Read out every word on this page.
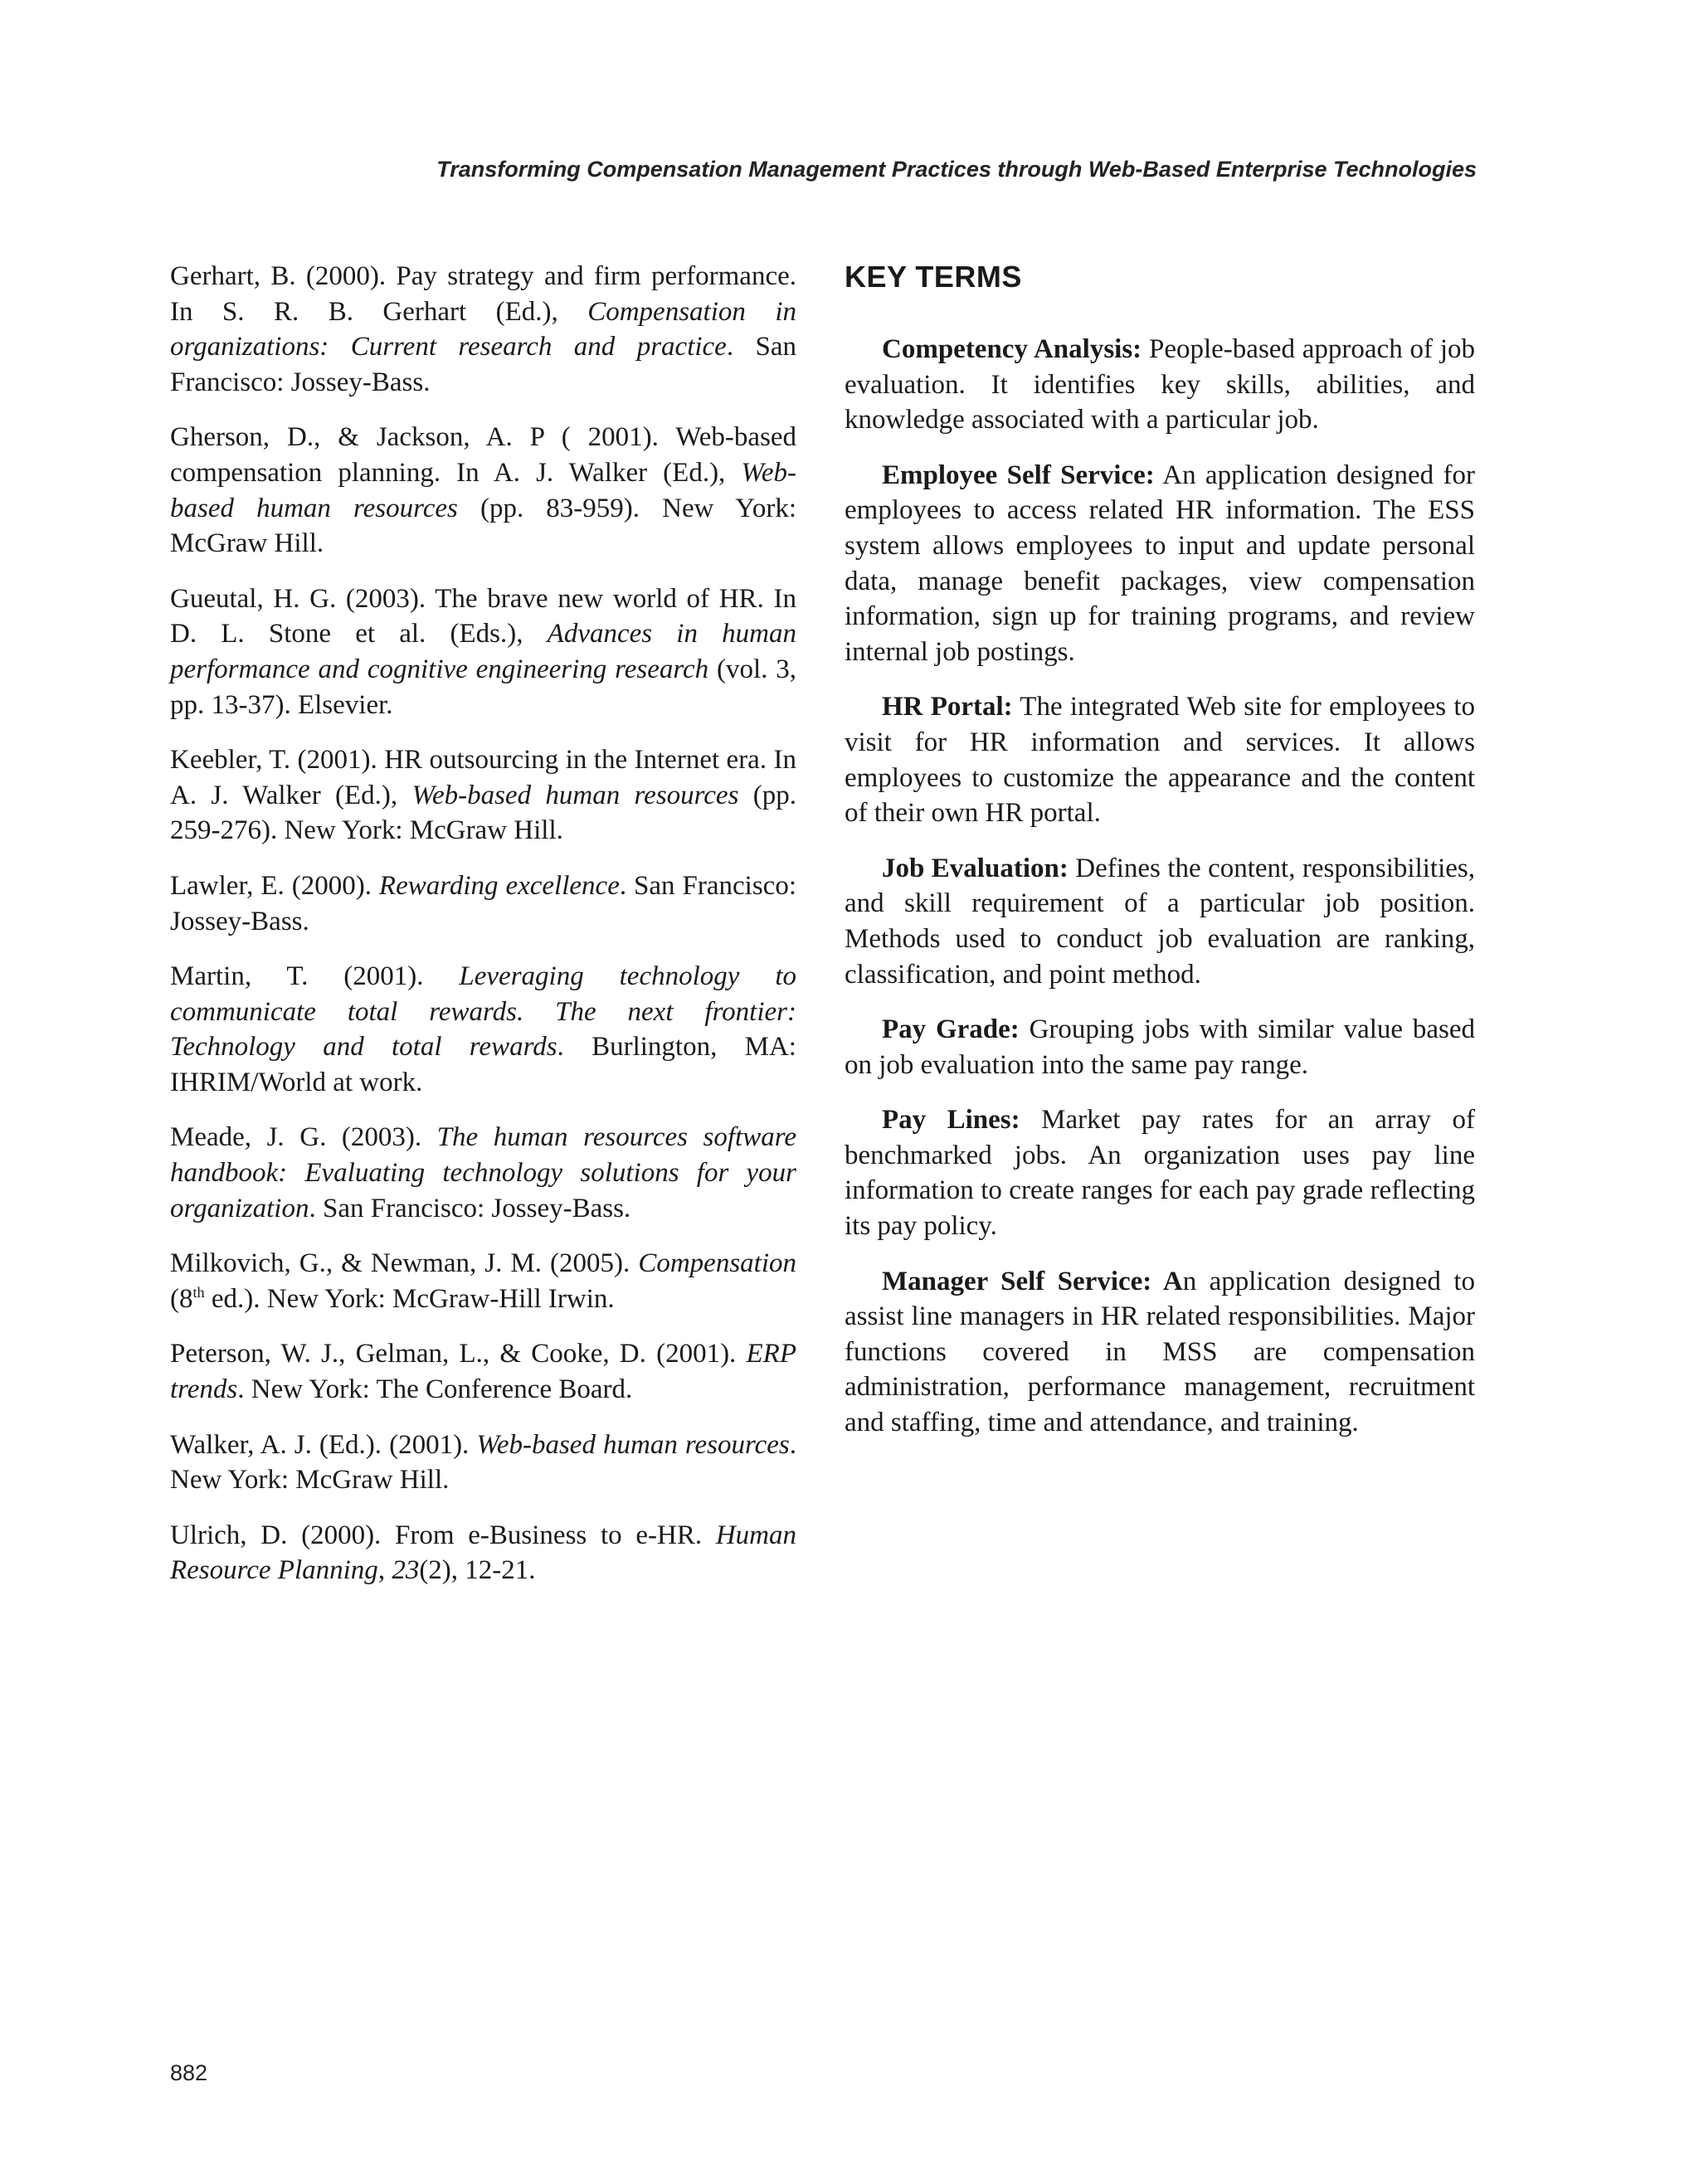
Transforming Compensation Management Practices through Web-Based Enterprise Technologies

Gerhart, B. (2000). Pay strategy and firm performance. In S. R. B. Gerhart (Ed.), Compensation in organizations: Current research and practice. San Francisco: Jossey-Bass.

Gherson, D., & Jackson, A. P ( 2001). Web-based compensation planning. In A. J. Walker (Ed.), Web-based human resources (pp. 83-959). New York: McGraw Hill.

Gueutal, H. G. (2003). The brave new world of HR. In D. L. Stone et al. (Eds.), Advances in human performance and cognitive engineering research (vol. 3, pp. 13-37). Elsevier.

Keebler, T. (2001). HR outsourcing in the Internet era. In A. J. Walker (Ed.), Web-based human resources (pp. 259-276). New York: McGraw Hill.

Lawler, E. (2000). Rewarding excellence. San Francisco: Jossey-Bass.

Martin, T. (2001). Leveraging technology to communicate total rewards. The next frontier: Technology and total rewards. Burlington, MA: IHRIM/World at work.

Meade, J. G. (2003). The human resources software handbook: Evaluating technology solutions for your organization. San Francisco: Jossey-Bass.

Milkovich, G., & Newman, J. M. (2005). Compensation (8th ed.). New York: McGraw-Hill Irwin.

Peterson, W. J., Gelman, L., & Cooke, D. (2001). ERP trends. New York: The Conference Board.

Walker, A. J. (Ed.). (2001). Web-based human resources. New York: McGraw Hill.

Ulrich, D. (2000). From e-Business to e-HR. Human Resource Planning, 23(2), 12-21.

KEY TERMS

Competency Analysis: People-based approach of job evaluation. It identifies key skills, abilities, and knowledge associated with a particular job.

Employee Self Service: An application designed for employees to access related HR information. The ESS system allows employees to input and update personal data, manage benefit packages, view compensation information, sign up for training programs, and review internal job postings.

HR Portal: The integrated Web site for employees to visit for HR information and services. It allows employees to customize the appearance and the content of their own HR portal.

Job Evaluation: Defines the content, responsibilities, and skill requirement of a particular job position. Methods used to conduct job evaluation are ranking, classification, and point method.

Pay Grade: Grouping jobs with similar value based on job evaluation into the same pay range.

Pay Lines: Market pay rates for an array of benchmarked jobs. An organization uses pay line information to create ranges for each pay grade reflecting its pay policy.

Manager Self Service: An application designed to assist line managers in HR related responsibilities. Major functions covered in MSS are compensation administration, performance management, recruitment and staffing, time and attendance, and training.

882
